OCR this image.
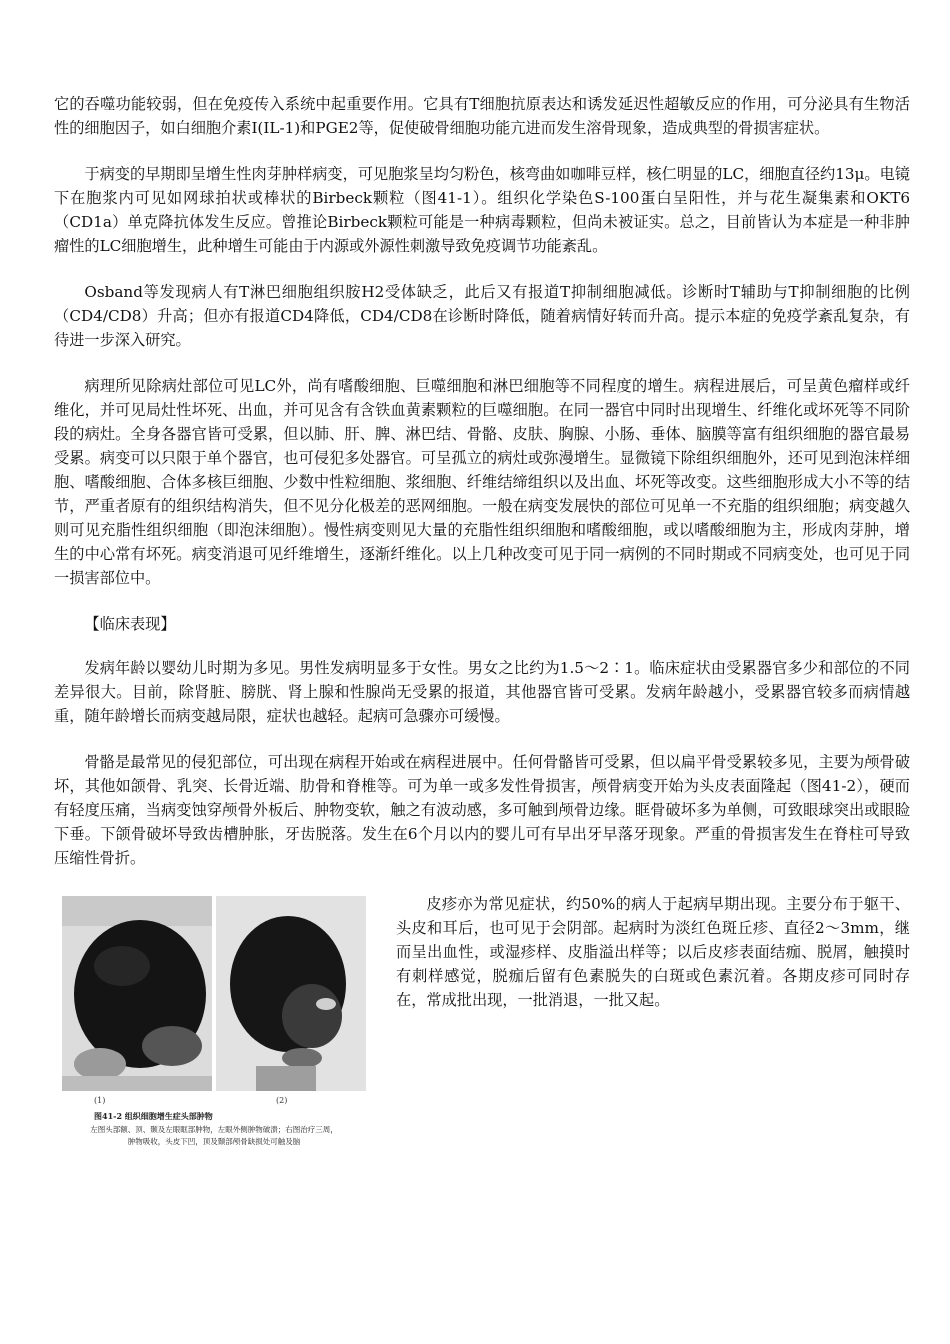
它的吞噬功能较弱，但在免疫传入系统中起重要作用。它具有T细胞抗原表达和诱发延迟性超敏反应的作用，可分泌具有生物活性的细胞因子，如白细胞介素Ⅰ(IL-1)和PGE2等，促使破骨细胞功能亢进而发生溶骨现象，造成典型的骨损害症状。

于病变的早期即呈增生性肉芽肿样病变，可见胞浆呈均匀粉色，核弯曲如咖啡豆样，核仁明显的LC，细胞直径约13μ。电镜下在胞浆内可见如网球拍状或棒状的Birbeck颗粒（图41-1）。组织化学染色S-100蛋白呈阳性，并与花生凝集素和OKT6（CD1a）单克降抗体发生反应。曾推论Birbeck颗粒可能是一种病毒颗粒，但尚未被证实。总之，目前皆认为本症是一种非肿瘤性的LC细胞增生，此种增生可能由于内源或外源性刺激导致免疫调节功能紊乱。

Osband等发现病人有T淋巴细胞组织胺H2受体缺乏，此后又有报道T抑制细胞减低。诊断时T辅助与T抑制细胞的比例（CD4/CD8）升高；但亦有报道CD4降低，CD4/CD8在诊断时降低，随着病情好转而升高。提示本症的免疫学紊乱复杂，有待进一步深入研究。

病理所见除病灶部位可见LC外，尚有嗜酸细胞、巨噬细胞和淋巴细胞等不同程度的增生。病程进展后，可呈黄色瘤样或纤维化，并可见局灶性坏死、出血，并可见含有含铁血黄素颗粒的巨噬细胞。在同一器官中同时出现增生、纤维化或坏死等不同阶段的病灶。全身各器官皆可受累，但以肺、肝、脾、淋巴结、骨骼、皮肤、胸腺、小肠、垂体、脑膜等富有组织细胞的器官最易受累。病变可以只限于单个器官，也可侵犯多处器官。可呈孤立的病灶或弥漫增生。显微镜下除组织细胞外，还可见到泡沫样细胞、嗜酸细胞、合体多核巨细胞、少数中性粒细胞、浆细胞、纤维结缔组织以及出血、坏死等改变。这些细胞形成大小不等的结节，严重者原有的组织结构消失，但不见分化极差的恶网细胞。一般在病变发展快的部位可见单一不充脂的组织细胞；病变越久则可见充脂性组织细胞（即泡沫细胞）。慢性病变则见大量的充脂性组织细胞和嗜酸细胞，或以嗜酸细胞为主，形成肉芽肿，增生的中心常有坏死。病变消退可见纤维增生，逐渐纤维化。以上几种改变可见于同一病例的不同时期或不同病变处，也可见于同一损害部位中。

【临床表现】

发病年龄以婴幼儿时期为多见。男性发病明显多于女性。男女之比约为1.5～2∶1。临床症状由受累器官多少和部位的不同差异很大。目前，除肾脏、膀胱、肾上腺和性腺尚无受累的报道，其他器官皆可受累。发病年龄越小，受累器官较多而病情越重，随年龄增长而病变越局限，症状也越轻。起病可急骤亦可缓慢。

骨骼是最常见的侵犯部位，可出现在病程开始或在病程进展中。任何骨骼皆可受累，但以扁平骨受累较多见，主要为颅骨破坏，其他如颌骨、乳突、长骨近端、肋骨和脊椎等。可为单一或多发性骨损害，颅骨病变开始为头皮表面隆起（图41-2），硬而有轻度压痛，当病变蚀穿颅骨外板后、肿物变软，触之有波动感，多可触到颅骨边缘。眶骨破坏多为单侧，可致眼球突出或眼睑下垂。下颌骨破坏导致齿槽肿胀，牙齿脱落。发生在6个月以内的婴儿可有早出牙早落牙现象。严重的骨损害发生在脊柱可导致压缩性骨折。

(1)	(2)
图41-2 组织细胞增生症头部肿物
左图头部额、顶、颞及左眼眶部肿物，左眼外侧肿物破溃；右图治疗三周，
肿物吸收，头皮下凹，顶及颞部颅骨缺损处可触及脑

皮疹亦为常见症状，约50%的病人于起病早期出现。主要分布于躯干、头皮和耳后，也可见于会阴部。起病时为淡红色斑丘疹、直径2～3mm，继而呈出血性，或湿疹样、皮脂溢出样等；以后皮疹表面结痂、脱屑，触摸时有刺样感觉，脱痂后留有色素脱失的白斑或色素沉着。各期皮疹可同时存在，常成批出现，一批消退，一批又起。
